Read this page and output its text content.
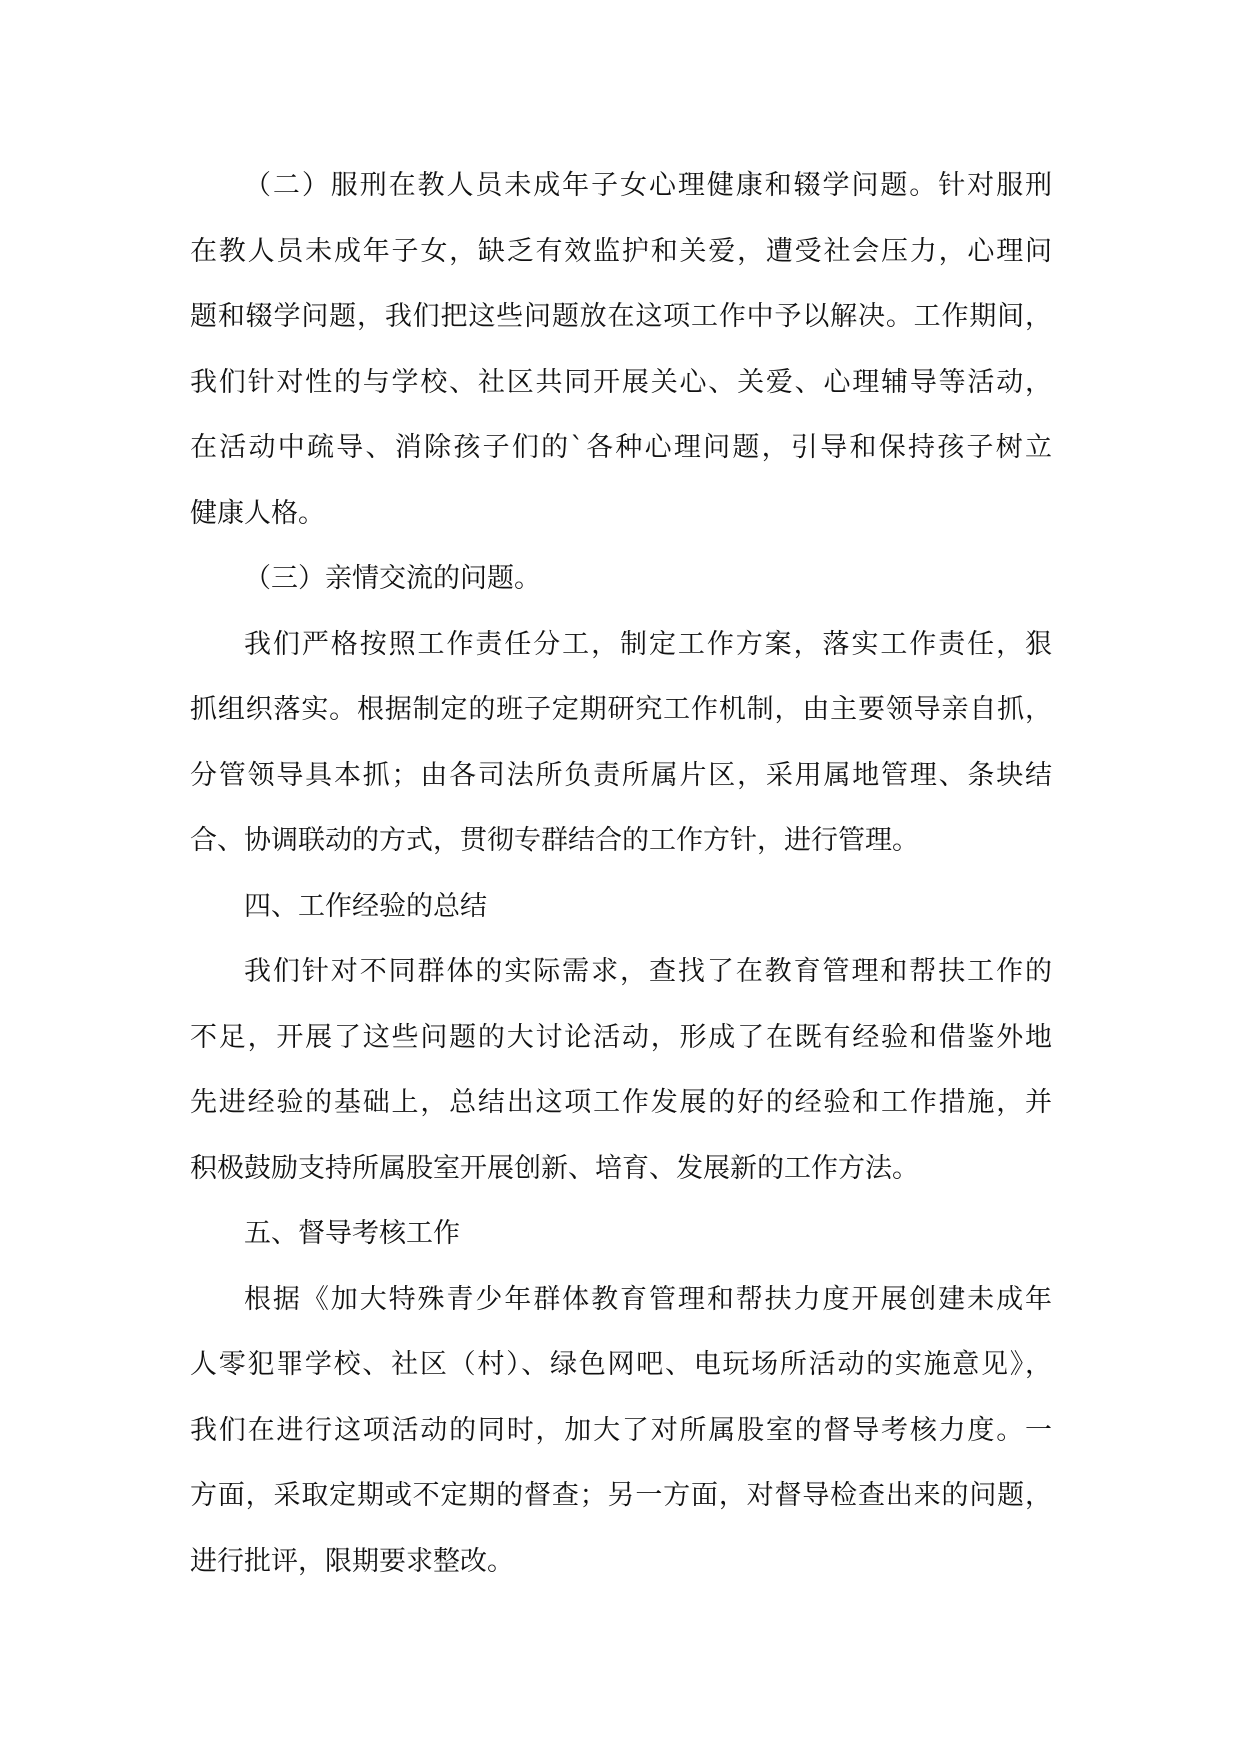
（二）服刑在教人员未成年子女心理健康和辍学问题。针对服刑
在教人员未成年子女，缺乏有效监护和关爱，遭受社会压力，心理问
题和辍学问题，我们把这些问题放在这项工作中予以解决。工作期间，
我们针对性的与学校、社区共同开展关心、关爱、心理辅导等活动，
在活动中疏导、消除孩子们的`各种心理问题，引导和保持孩子树立
健康人格。
（三）亲情交流的问题。
我们严格按照工作责任分工，制定工作方案，落实工作责任，狠
抓组织落实。根据制定的班子定期研究工作机制，由主要领导亲自抓，
分管领导具本抓；由各司法所负责所属片区，采用属地管理、条块结
合、协调联动的方式，贯彻专群结合的工作方针，进行管理。
四、工作经验的总结
我们针对不同群体的实际需求，查找了在教育管理和帮扶工作的
不足，开展了这些问题的大讨论活动，形成了在既有经验和借鉴外地
先进经验的基础上，总结出这项工作发展的好的经验和工作措施，并
积极鼓励支持所属股室开展创新、培育、发展新的工作方法。
五、督导考核工作
根据《加大特殊青少年群体教育管理和帮扶力度开展创建未成年
人零犯罪学校、社区（村）、绿色网吧、电玩场所活动的实施意见》，
我们在进行这项活动的同时，加大了对所属股室的督导考核力度。一
方面，采取定期或不定期的督查；另一方面，对督导检查出来的问题，
进行批评，限期要求整改。
